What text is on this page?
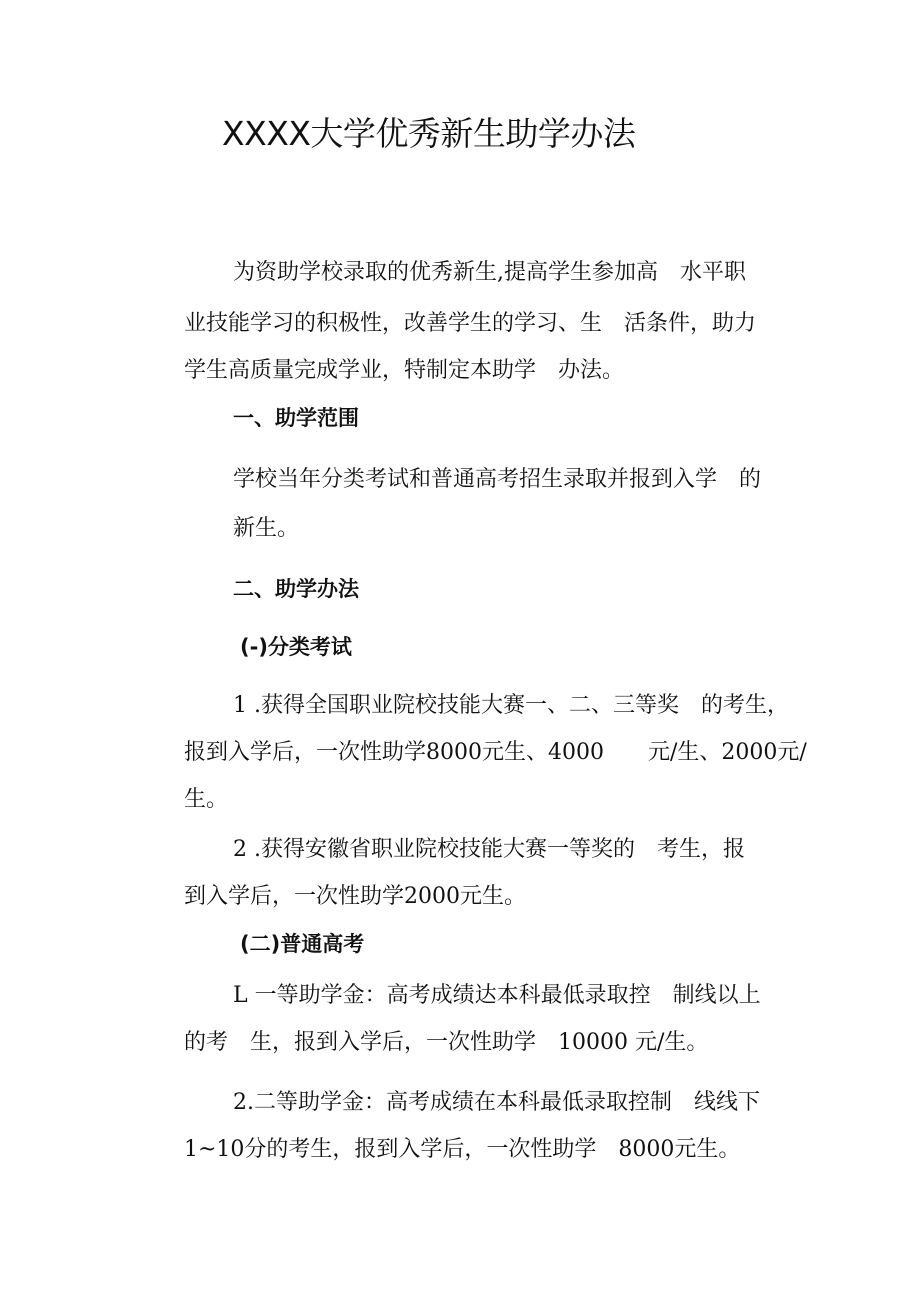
XXXX大学优秀新生助学办法
为资助学校录取的优秀新生,提高学生参加高　水平职
业技能学习的积极性，改善学生的学习、生　活条件，助力
学生高质量完成学业，特制定本助学　办法。
一、助学范围
学校当年分类考试和普通高考招生录取并报到入学　的
新生。
二、助学办法
(-)分类考试
1 .获得全国职业院校技能大赛一、二、三等奖　的考生，
报到入学后，一次性助学8000元生、4000　　元/生、2000元/
生。
2 .获得安徽省职业院校技能大赛一等奖的　考生，报
到入学后，一次性助学2000元生。
(二)普通高考
L 一等助学金：高考成绩达本科最低录取控　制线以上
的考　生，报到入学后，一次性助学　10000 元/生。
2.二等助学金：高考成绩在本科最低录取控制　线线下
1~10分的考生，报到入学后，一次性助学　8000元生。
